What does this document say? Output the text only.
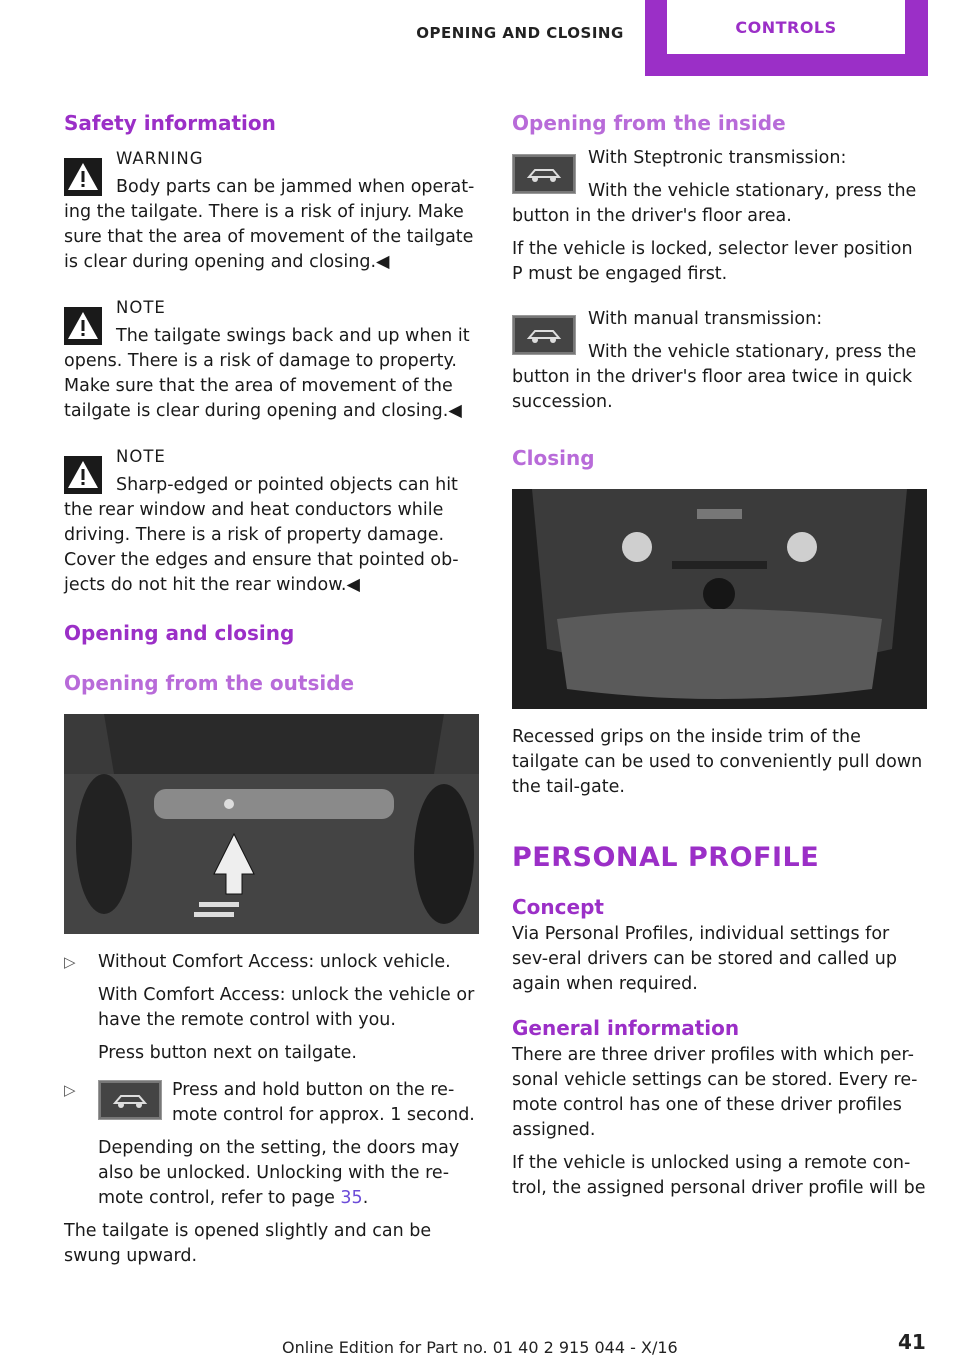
OPENING AND CLOSING	CONTROLS
Safety information
WARNING
Body parts can be jammed when operat-ing the tailgate. There is a risk of injury. Make sure that the area of movement of the tailgate is clear during opening and closing.◀
NOTE
The tailgate swings back and up when it opens. There is a risk of damage to property. Make sure that the area of movement of the tailgate is clear during opening and closing.◀
NOTE
Sharp-edged or pointed objects can hit the rear window and heat conductors while driving. There is a risk of property damage. Cover the edges and ensure that pointed ob-jects do not hit the rear window.◀
Opening and closing
Opening from the outside
▷ Without Comfort Access: unlock vehicle.

With Comfort Access: unlock the vehicle or have the remote control with you.

Press button next on tailgate.

▷	Press and hold button on the re-mote control for approx. 1 second.

Depending on the setting, the doors may also be unlocked. Unlocking with the re-mote control, refer to page 35.

The tailgate is opened slightly and can be swung upward.

Opening from the inside

With Steptronic transmission:

With the vehicle stationary, press the button in the driver's floor area.

If the vehicle is locked, selector lever position P must be engaged first.

With manual transmission:

With the vehicle stationary, press the button in the driver's floor area twice in quick succession.

Closing

Recessed grips on the inside trim of the tailgate can be used to conveniently pull down the tail-gate.

PERSONAL PROFILE
Concept

Via Personal Profiles, individual settings for sev-eral drivers can be stored and called up again when required.

General information

There are three driver profiles with which per-sonal vehicle settings can be stored. Every re-mote control has one of these driver profiles assigned.

If the vehicle is unlocked using a remote con-trol, the assigned personal driver profile will be

Online Edition for Part no. 01 40 2 915 044 - X/16	41
